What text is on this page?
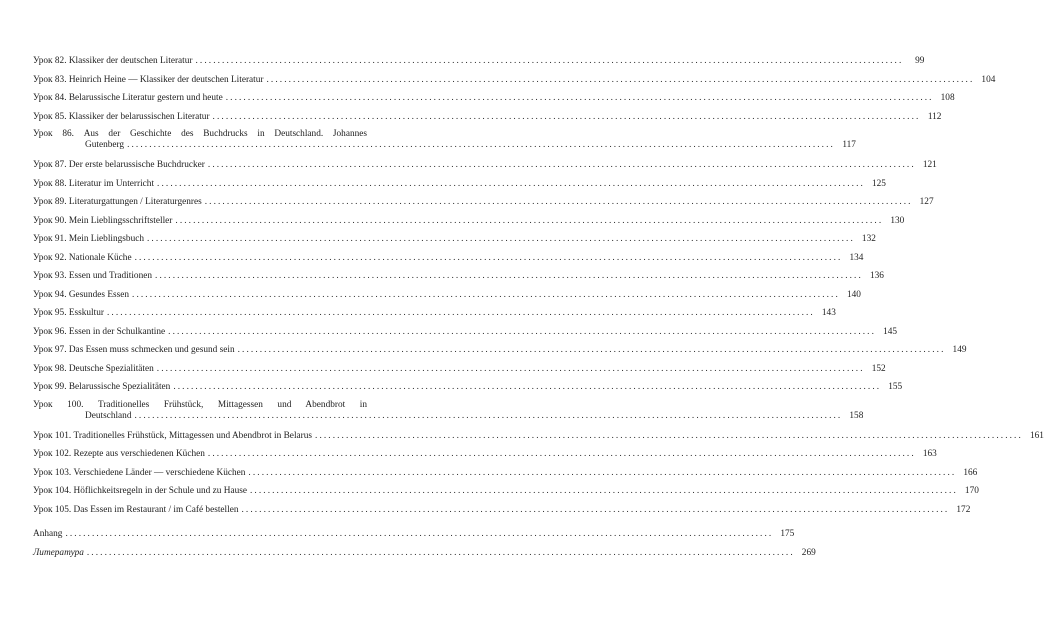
Урок 82. Klassiker der deutschen Literatur ................................................................................................................................................................	99
Урок 83. Heinrich Heine — Klassiker der deutschen Literatur ................................................................................................................................................................ 104
Урок 84. Belarussische Literatur gestern und heute ................................................................................................................................................................ 108
Урок 85. Klassiker der belarussischen Literatur ................................................................................................................................................................ 112
Урок 86. Aus der Geschichte des Buchdrucks in Deutschland. Johannes
Gutenberg ................................................................................................................................................................ 117
Урок 87. Der erste belarussische Buchdrucker ................................................................................................................................................................ 121
Урок 88. Literatur im Unterricht ................................................................................................................................................................ 125
Урок 89. Literaturgattungen / Literaturgenres ................................................................................................................................................................ 127
Урок 90. Mein Lieblingsschriftsteller ................................................................................................................................................................ 130
Урок 91. Mein Lieblingsbuch ................................................................................................................................................................ 132
Урок 92. Nationale Küche ................................................................................................................................................................ 134
Урок 93. Essen und Traditionen ................................................................................................................................................................ 136
Урок 94. Gesundes Essen ................................................................................................................................................................ 140
Урок 95. Esskultur ................................................................................................................................................................ 143
Урок 96. Essen in der Schulkantine ................................................................................................................................................................ 145
Урок 97. Das Essen muss schmecken und gesund sein ................................................................................................................................................................ 149
Урок 98. Deutsche Spezialitäten ................................................................................................................................................................ 152
Урок 99. Belarussische Spezialitäten ................................................................................................................................................................ 155
Урок 100. Traditionelles Frühstück, Mittagessen und Abendbrot in
Deutschland ................................................................................................................................................................ 158
Урок 101. Traditionelles Frühstück, Mittagessen und Abendbrot in Belarus ................................................................................................................................................................ 161
Урок 102. Rezepte aus verschiedenen Küchen ................................................................................................................................................................ 163
Урок 103. Verschiedene Länder — verschiedene Küchen ................................................................................................................................................................ 166
Урок 104. Höflichkeitsregeln in der Schule und zu Hause ................................................................................................................................................................ 170
Урок 105. Das Essen im Restaurant / im Café bestellen ................................................................................................................................................................ 172
Anhang ................................................................................................................................................................ 175
Литература ................................................................................................................................................................ 269
